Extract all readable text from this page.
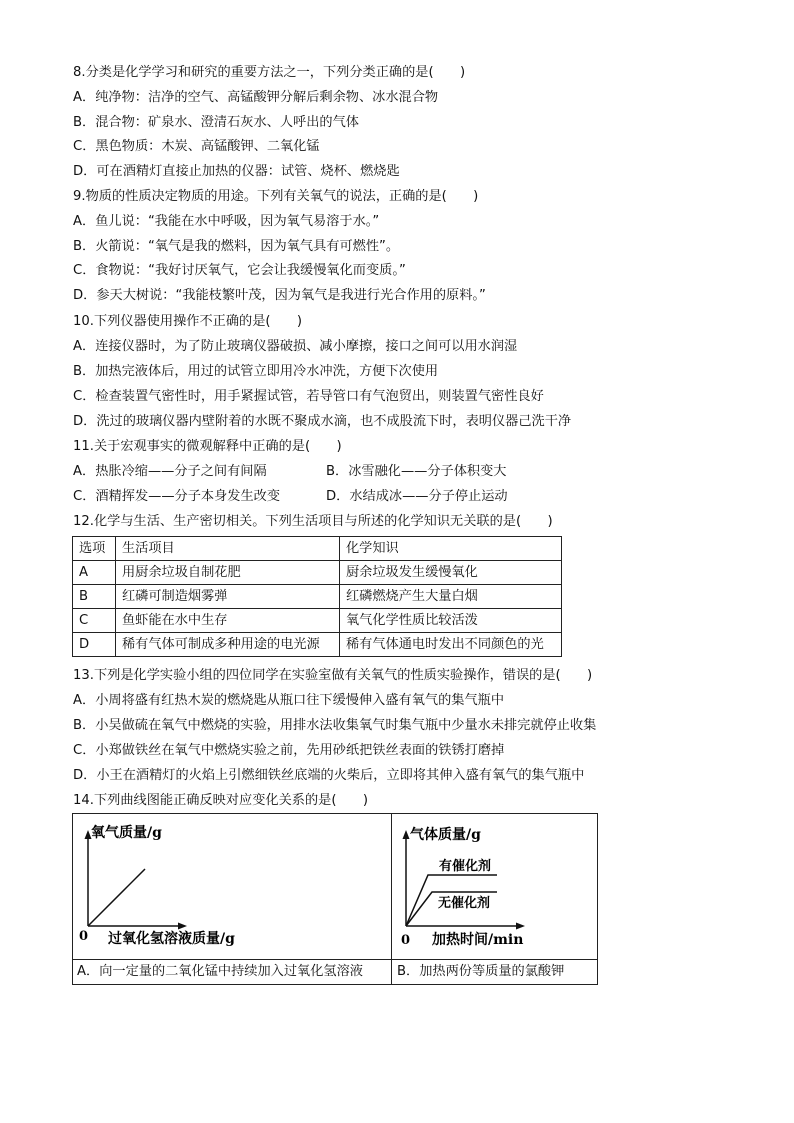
8.分类是化学学习和研究的重要方法之一，下列分类正确的是(　　)
A．纯净物：洁净的空气、高锰酸钾分解后剩余物、冰水混合物
B．混合物：矿泉水、澄清石灰水、人呼出的气体
C．黑色物质：木炭、高锰酸钾、二氧化锰
D．可在酒精灯直接止加热的仪器：试管、烧杯、燃烧匙
9.物质的性质决定物质的用途。下列有关氧气的说法，正确的是(　　)
A．鱼儿说：“我能在水中呼吸，因为氧气易溶于水。”
B．火箭说：“氧气是我的燃料，因为氧气具有可燃性”。
C．食物说：“我好讨厌氧气，它会让我缓慢氧化而变质。”
D．参天大树说：“我能枝繁叶茂，因为氧气是我进行光合作用的原料。”
10.下列仪器使用操作不正确的是(　　)
A．连接仪器时，为了防止玻璃仪器破损、减小摩擦，接口之间可以用水润湿
B．加热完液体后，用过的试管立即用冷水冲洗，方便下次使用
C．检查装置气密性时，用手紧握试管，若导管口有气泡贸出，则装置气密性良好
D．洗过的玻璃仪器内壁附着的水既不聚成水滴，也不成股流下时，表明仪器己洗干净
11.关于宏观事实的微观解释中正确的是(　　)
A．热胀冷缩——分子之间有间隔	B．冰雪融化——分子体积变大
C．酒精挥发——分子本身发生改变	D．水结成冰——分子停止运动
12.化学与生活、生产密切相关。下列生活项目与所述的化学知识无关联的是(　　)
选项	生活项目	化学知识
A	用厨余垃圾自制花肥	厨余垃圾发生缓慢氧化
B	红磷可制造烟雾弹	红磷燃烧产生大量白烟
C	鱼虾能在水中生存	氧气化学性质比较活泼
D	稀有气体可制成多种用途的电光源	稀有气体通电时发出不同颜色的光
13.下列是化学实验小组的四位同学在实验室做有关氧气的性质实验操作，错误的是(　　)
A．小周将盛有红热木炭的燃烧匙从瓶口往下缓慢伸入盛有氧气的集气瓶中
B．小吴做硫在氧气中燃烧的实验，用排水法收集氧气时集气瓶中少量水未排完就停止收集
C．小郑做铁丝在氧气中燃烧实验之前，先用砂纸把铁丝表面的铁锈打磨掉
D．小王在酒精灯的火焰上引燃细铁丝底端的火柴后，立即将其伸入盛有氧气的集气瓶中
14.下列曲线图能正确反映对应变化关系的是(　　)
氧气质量/g
0 过氧化氢溶液质量/g
气体质量/g
有催化剂
无催化剂
0 加热时间/min
A．向一定量的二氧化锰中持续加入过氧化氢溶液	B．加热两份等质量的氯酸钾
